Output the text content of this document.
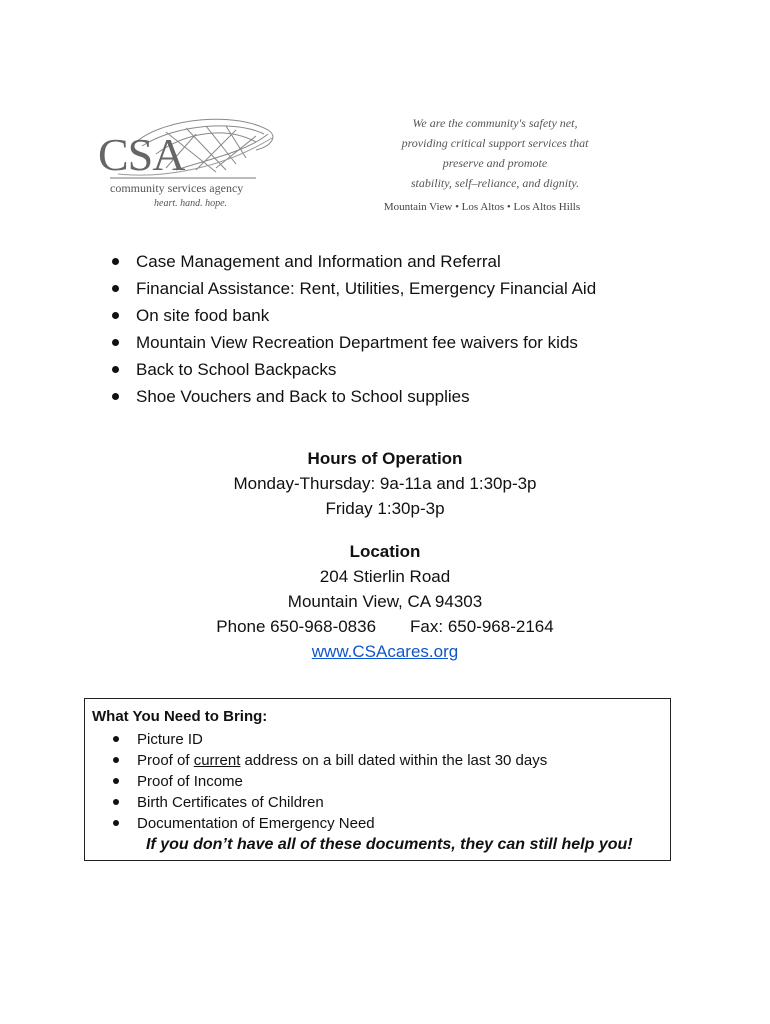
CSA
community services agency
heart. hand. hope.
We are the community's safety net,
providing critical support services that
preserve and promote
stability, self–reliance, and dignity.
Mountain View • Los Altos • Los Altos Hills
Case Management and Information and Referral
Financial Assistance: Rent, Utilities, Emergency Financial Aid
On site food bank
Mountain View Recreation Department fee waivers for kids
Back to School Backpacks
Shoe Vouchers and Back to School supplies
Hours of Operation
Monday-Thursday: 9a-11a and 1:30p-3p
Friday 1:30p-3p
Location
204 Stierlin Road
Mountain View, CA 94303
Phone 650-968-0836 Fax: 650-968-2164
www.CSAcares.org
What You Need to Bring:
Picture ID
Proof of current address on a bill dated within the last 30 days
Proof of Income
Birth Certificates of Children
Documentation of Emergency Need
If you don’t have all of these documents, they can still help you!
